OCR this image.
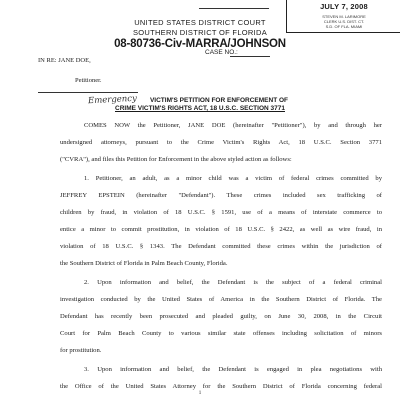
JULY 7, 2008
STEVEN M. LARIMORE
CLERK U.S. DIST. CT.
S.D. OF FLA. MIAMI
UNITED STATES DISTRICT COURT
SOUTHERN DISTRICT OF FLORIDA
08-80736-Civ-MARRA/JOHNSON
CASE NO.:
IN RE: JANE DOE,
Petitioner.
Emergency	VICTIM'S PETITION FOR ENFORCEMENT OF
CRIME VICTIM'S RIGHTS ACT, 18 U.S.C. SECTION 3771
COMES NOW the Petitioner, JANE DOE (hereinafter "Petitioner"), by and through her
undersigned attorneys, pursuant to the Crime Victim's Rights Act, 18 U.S.C. Section 3771
("CVRA"), and files this Petition for Enforcement in the above styled action as follows:
1. Petitioner, an adult, as a minor child was a victim of federal crimes committed by
JEFFREY EPSTEIN (hereinafter "Defendant"). These crimes included sex trafficking of
children by fraud, in violation of 18 U.S.C. § 1591, use of a means of interstate commerce to
entice a minor to commit prostitution, in violation of 18 U.S.C. § 2422, as well as wire fraud, in
violation of 18 U.S.C. § 1343. The Defendant committed these crimes within the jurisdiction of
the Southern District of Florida in Palm Beach County, Florida.
2. Upon information and belief, the Defendant is the subject of a federal criminal
investigation conducted by the United States of America in the Southern District of Florida. The
Defendant has recently been prosecuted and pleaded guilty, on June 30, 2008, in the Circuit
Court for Palm Beach County to various similar state offenses including solicitation of minors
for prostitution.
3. Upon information and belief, the Defendant is engaged in plea negotiations with
the Office of the United States Attorney for the Southern District of Florida concerning federal
1
